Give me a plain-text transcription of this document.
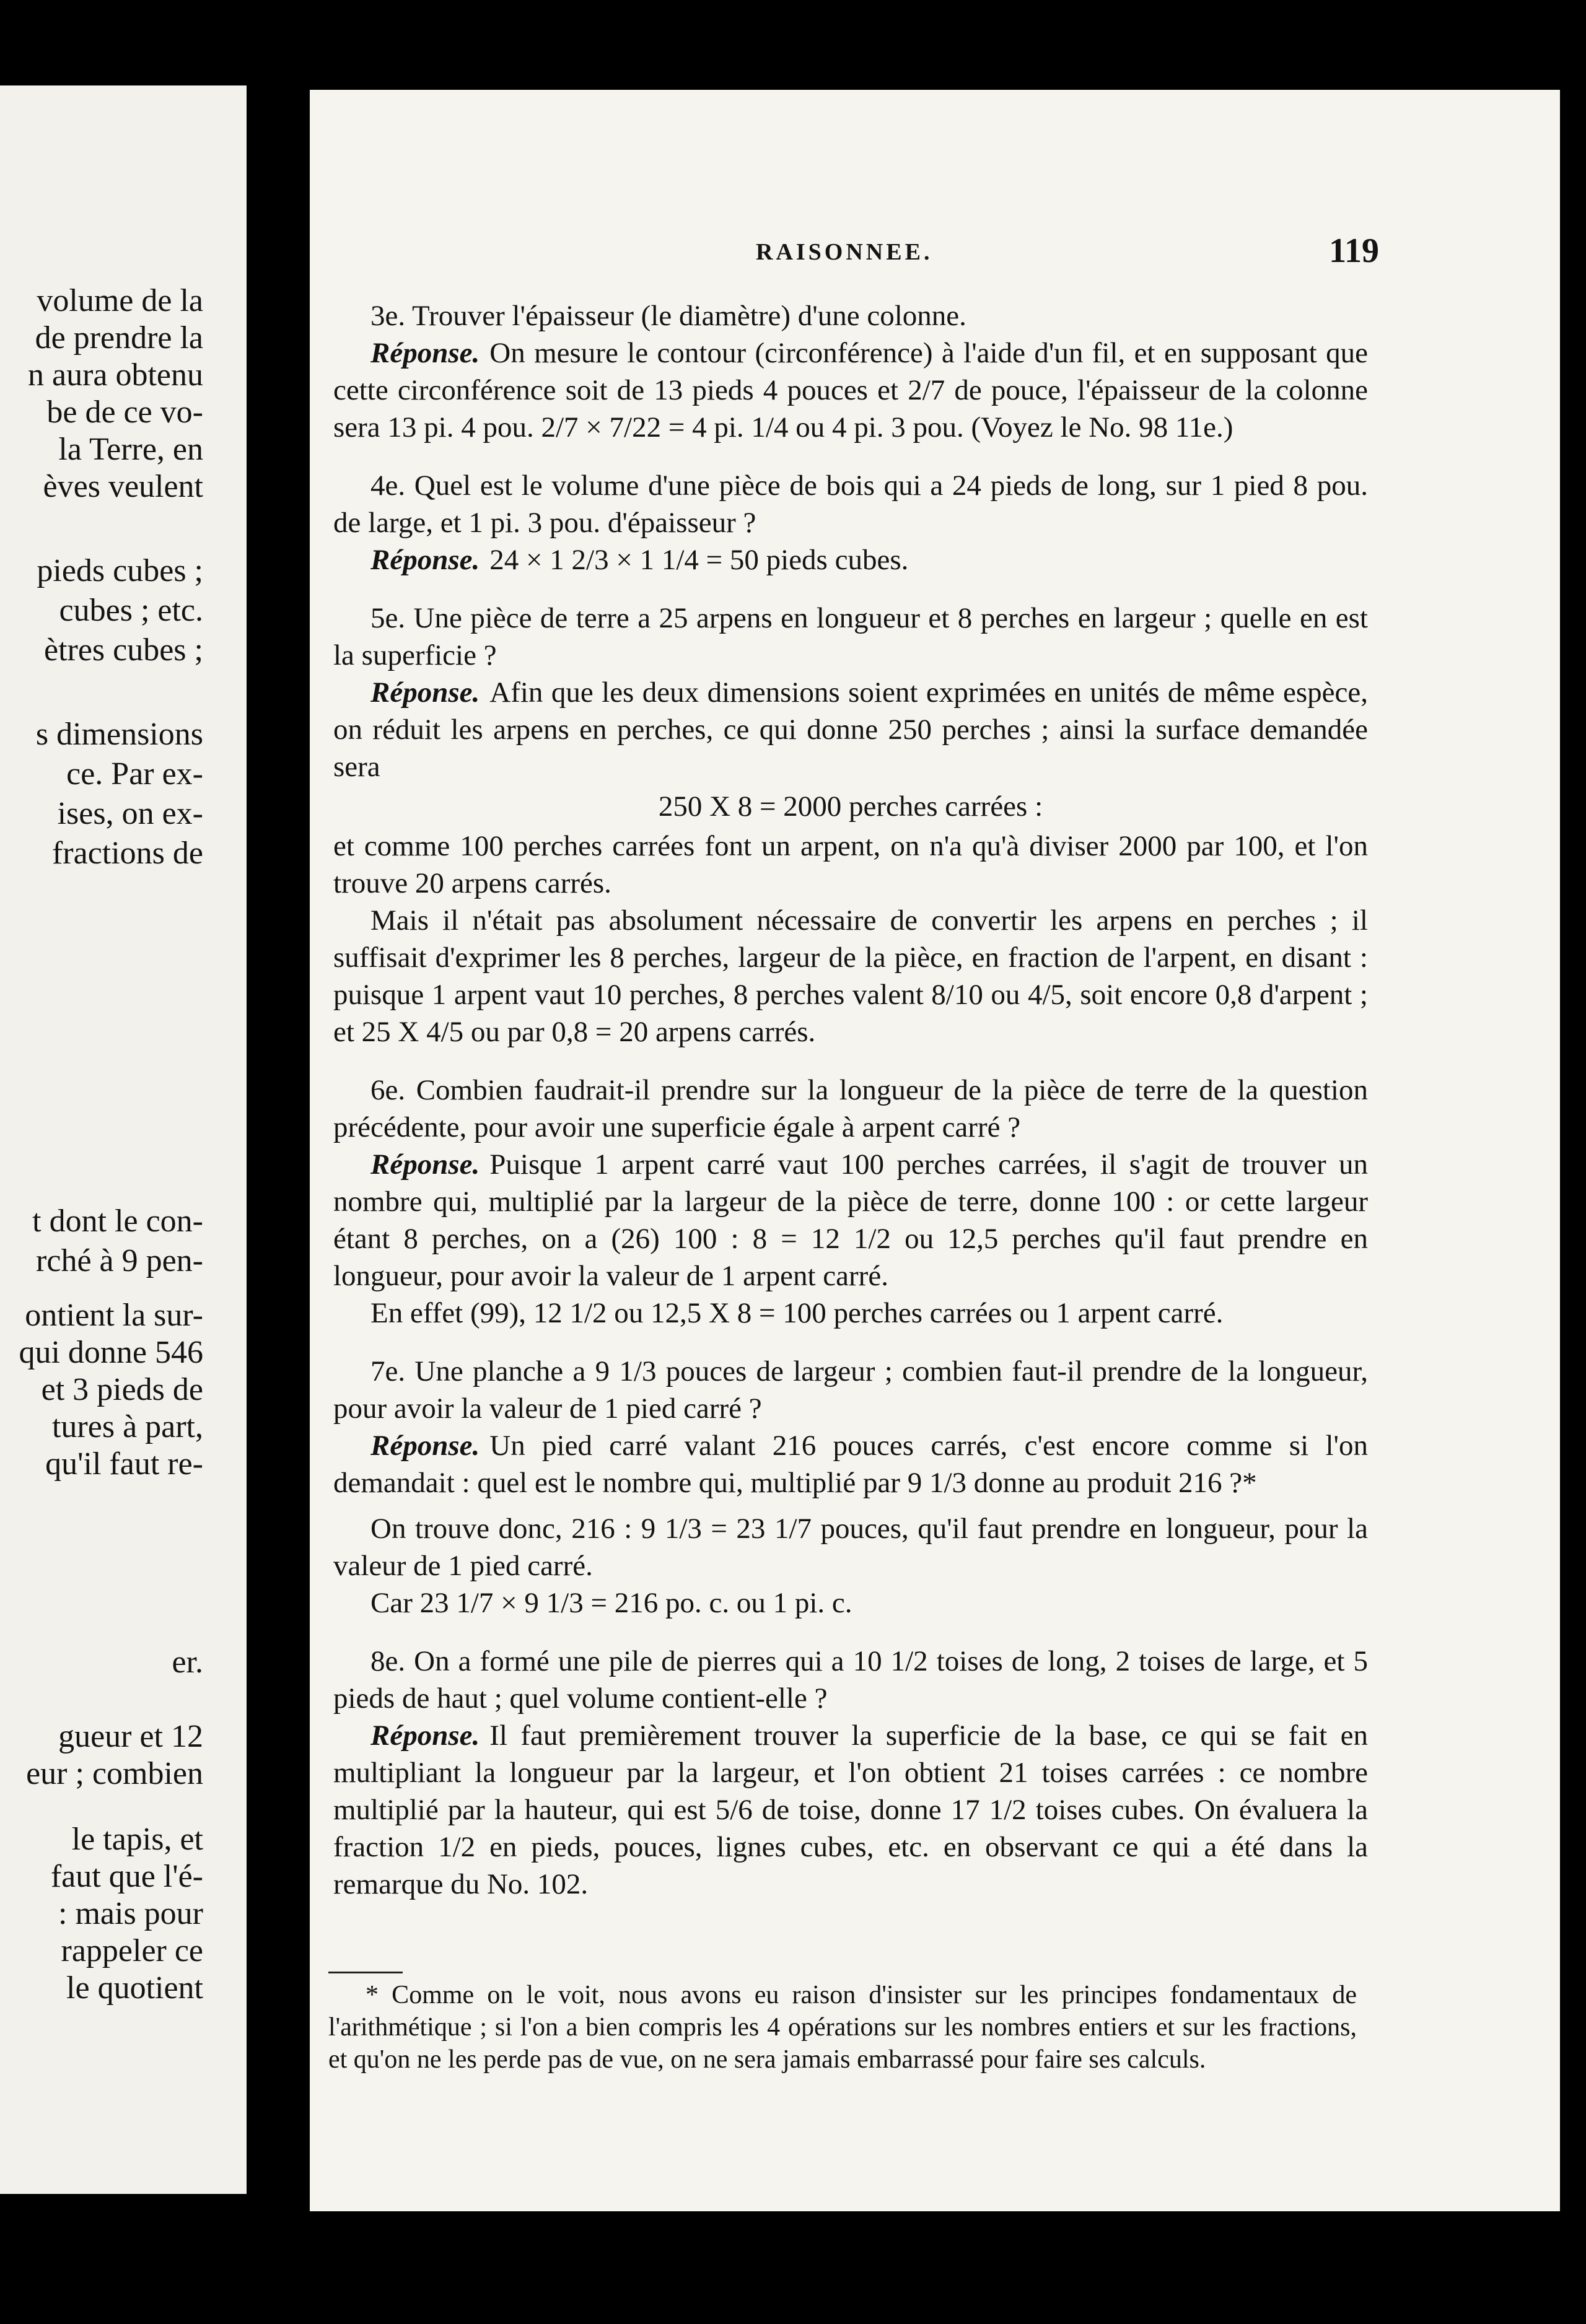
volume de la
de prendre la
n aura obtenu
be de ce vo-
la Terre, en
èves veulent
pieds cubes ;
cubes ; etc.
ètres cubes ;
s dimensions
ce. Par ex-
ises, on ex-
fractions de
t dont le con-
rché à 9 pen-
ontient la sur-
qui donne 546
et 3 pieds de
tures à part,
qu'il faut re-
er.
gueur et 12
eur ; combien
le tapis, et
faut que l'é-
: mais pour
rappeler ce
le quotient
RAISONNEE.	119

3e. Trouver l'épaisseur (le diamètre) d'une colonne.

Réponse. On mesure le contour (circonférence) à l'aide d'un fil, et en supposant que cette circonférence soit de 13 pieds 4 pouces et 2/7 de pouce, l'épaisseur de la colonne sera 13 pi. 4 pou. 2/7 × 7/22 = 4 pi. 1/4 ou 4 pi. 3 pou. (Voyez le No. 98 11e.)

4e. Quel est le volume d'une pièce de bois qui a 24 pieds de long, sur 1 pied 8 pou. de large, et 1 pi. 3 pou. d'épaisseur ?

Réponse. 24 × 1 2/3 × 1 1/4 = 50 pieds cubes.

5e. Une pièce de terre a 25 arpens en longueur et 8 perches en largeur ; quelle en est la superficie ?

Réponse. Afin que les deux dimensions soient exprimées en unités de même espèce, on réduit les arpens en perches, ce qui donne 250 perches ; ainsi la surface demandée sera

250 X 8 = 2000 perches carrées :

et comme 100 perches carrées font un arpent, on n'a qu'à diviser 2000 par 100, et l'on trouve 20 arpens carrés.

Mais il n'était pas absolument nécessaire de convertir les arpens en perches ; il suffisait d'exprimer les 8 perches, largeur de la pièce, en fraction de l'arpent, en disant : puisque 1 arpent vaut 10 perches, 8 perches valent 8/10 ou 4/5, soit encore 0,8 d'arpent ; et 25 X 4/5 ou par 0,8 = 20 arpens carrés.

6e. Combien faudrait-il prendre sur la longueur de la pièce de terre de la question précédente, pour avoir une superficie égale à arpent carré ?

Réponse. Puisque 1 arpent carré vaut 100 perches carrées, il s'agit de trouver un nombre qui, multiplié par la largeur de la pièce de terre, donne 100 : or cette largeur étant 8 perches, on a (26) 100 : 8 = 12 1/2 ou 12,5 perches qu'il faut prendre en longueur, pour avoir la valeur de 1 arpent carré.

En effet (99), 12 1/2 ou 12,5 X 8 = 100 perches carrées ou 1 arpent carré.

7e. Une planche a 9 1/3 pouces de largeur ; combien faut-il prendre de la longueur, pour avoir la valeur de 1 pied carré ?

Réponse. Un pied carré valant 216 pouces carrés, c'est encore comme si l'on demandait : quel est le nombre qui, multiplié par 9 1/3 donne au produit 216 ?*

On trouve donc, 216 : 9 1/3 = 23 1/7 pouces, qu'il faut prendre en longueur, pour la valeur de 1 pied carré.

Car 23 1/7 × 9 1/3 = 216 po. c. ou 1 pi. c.

8e. On a formé une pile de pierres qui a 10 1/2 toises de long, 2 toises de large, et 5 pieds de haut ; quel volume contient-elle ?

Réponse. Il faut premièrement trouver la superficie de la base, ce qui se fait en multipliant la longueur par la largeur, et l'on obtient 21 toises carrées : ce nombre multiplié par la hauteur, qui est 5/6 de toise, donne 17 1/2 toises cubes. On évaluera la fraction 1/2 en pieds, pouces, lignes cubes, etc. en observant ce qui a été dans la remarque du No. 102.

* Comme on le voit, nous avons eu raison d'insister sur les principes fondamentaux de l'arithmétique ; si l'on a bien compris les 4 opérations sur les nombres entiers et sur les fractions, et qu'on ne les perde pas de vue, on ne sera jamais embarrassé pour faire ses calculs.
